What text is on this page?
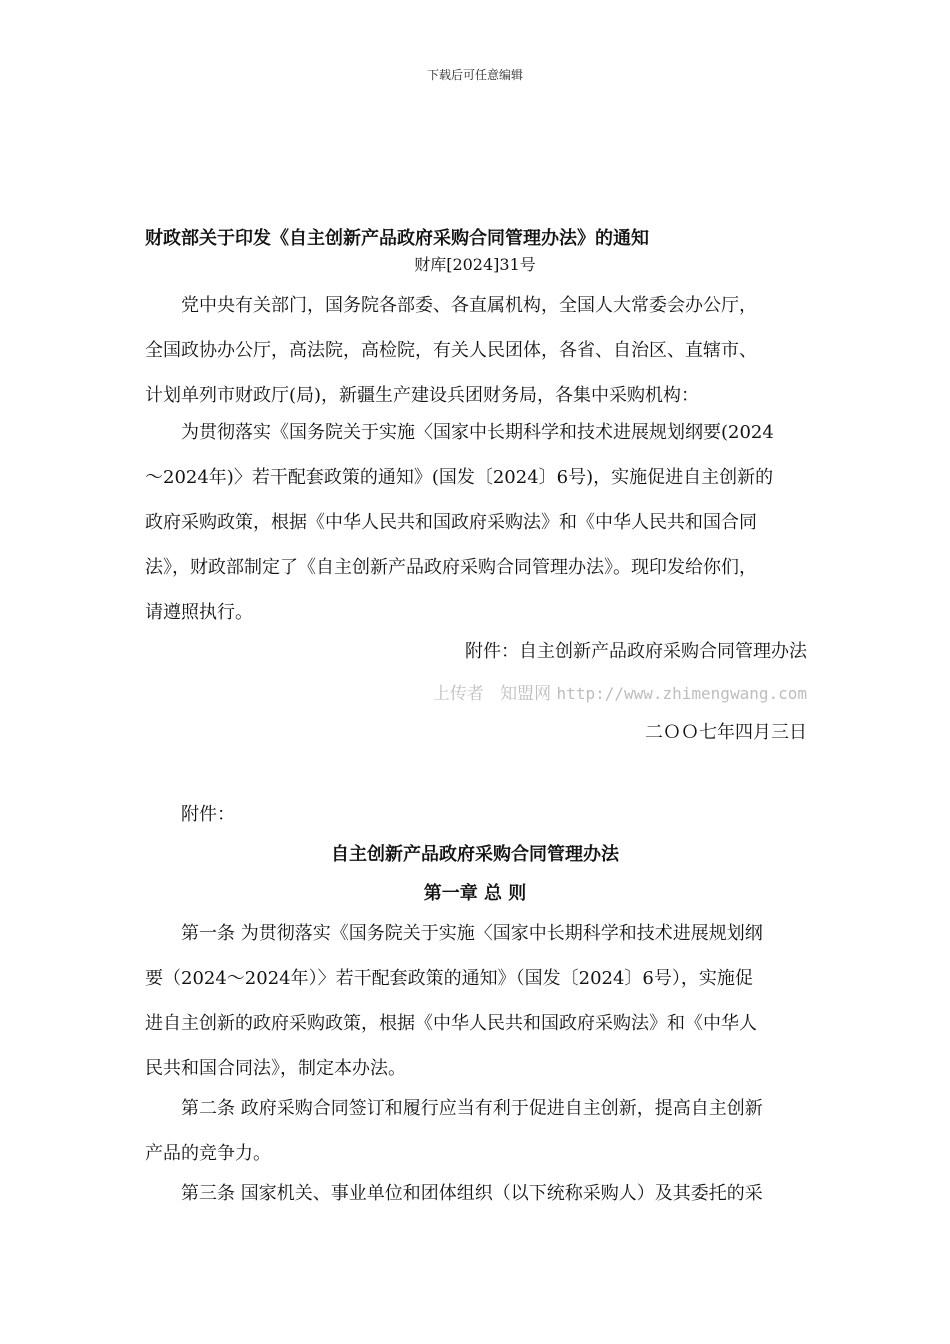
下载后可任意编辑
财政部关于印发《自主创新产品政府采购合同管理办法》的通知
财库[2024]31号
党中央有关部门，国务院各部委、各直属机构，全国人大常委会办公厅，
全国政协办公厅，高法院，高检院，有关人民团体，各省、自治区、直辖市、
计划单列市财政厅(局)，新疆生产建设兵团财务局，各集中采购机构：
为贯彻落实《国务院关于实施〈国家中长期科学和技术进展规划纲要(2024
～2024年)〉若干配套政策的通知》(国发〔2024〕6号)，实施促进自主创新的
政府采购政策，根据《中华人民共和国政府采购法》和《中华人民共和国合同
法》，财政部制定了《自主创新产品政府采购合同管理办法》。现印发给你们，
请遵照执行。
附件：自主创新产品政府采购合同管理办法
上传者 知盟网 http://www.zhimengwang.com
二ＯＯ七年四月三日
附件：
自主创新产品政府采购合同管理办法
第一章 总 则
第一条 为贯彻落实《国务院关于实施〈国家中长期科学和技术进展规划纲
要（2024～2024年）〉若干配套政策的通知》（国发〔2024〕6号），实施促
进自主创新的政府采购政策，根据《中华人民共和国政府采购法》和《中华人
民共和国合同法》，制定本办法。
第二条 政府采购合同签订和履行应当有利于促进自主创新，提高自主创新
产品的竞争力。
第三条 国家机关、事业单位和团体组织（以下统称采购人）及其委托的采
